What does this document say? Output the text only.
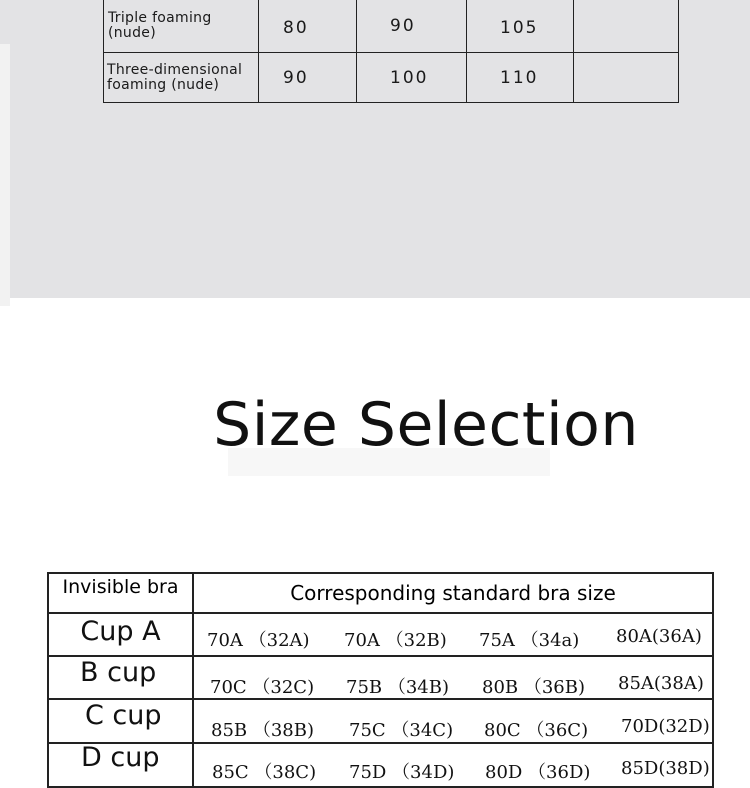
Triple foaming (nude)	80	90	105	
Three-dimensional foaming (nude)	90	100	110	
Size Selection
Invisible bra	Corresponding standard bra size
Cup A	70A （32A) 70A （32B) 75A （34a) 80A(36A)

B cup	70C （32C) 75B （34B) 80B （36B) 85A(38A)

C cup	85B （38B) 75C （34C) 80C （36C) 70D(32D)

D cup	85C （38C) 75D （34D) 80D （36D) 85D(38D)
